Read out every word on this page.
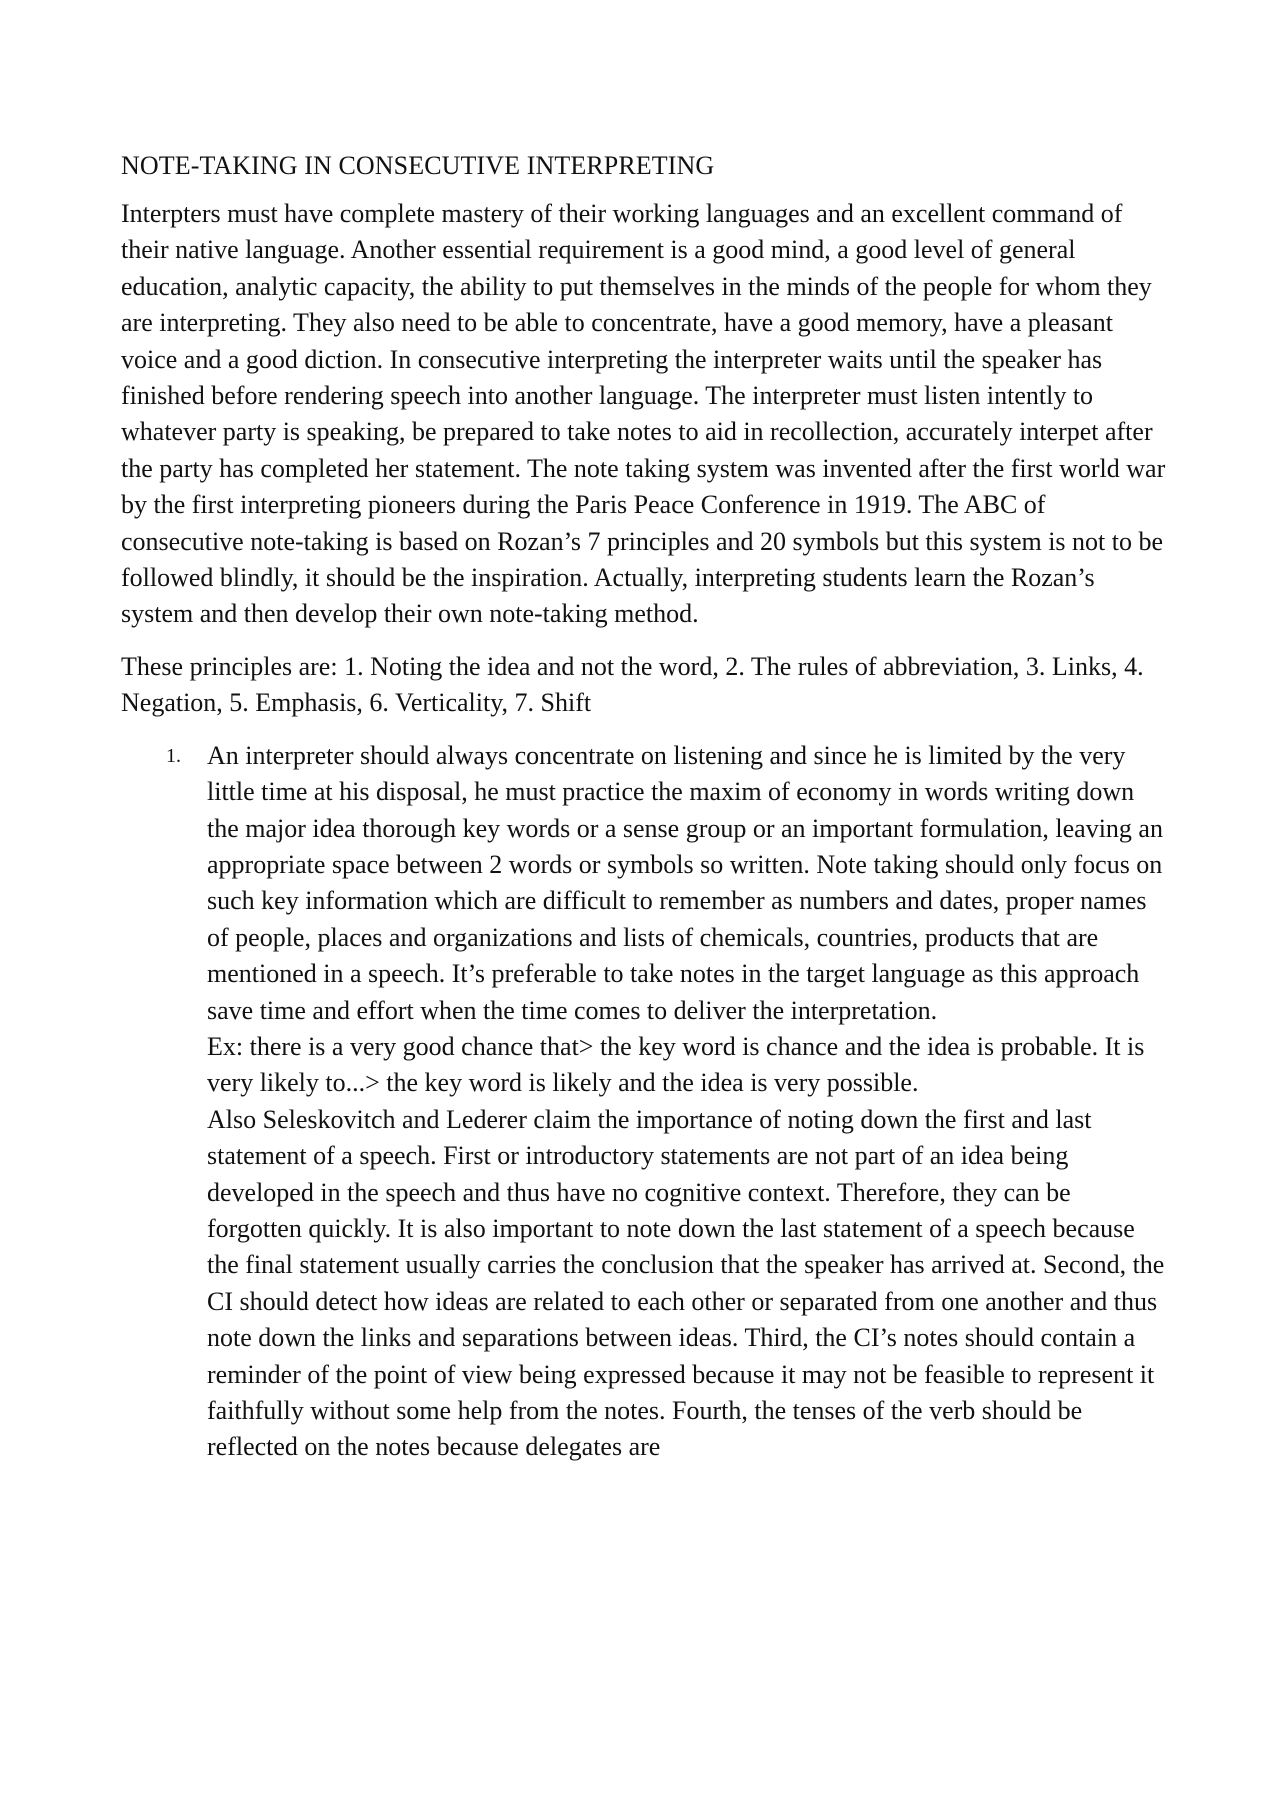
NOTE-TAKING IN CONSECUTIVE INTERPRETING

Interpters must have complete mastery of their working languages and an excellent command of their native language. Another essential requirement is a good mind, a good level of general education, analytic capacity, the ability to put themselves in the minds of the people for whom they are interpreting. They also need to be able to concentrate, have a good memory, have a pleasant voice and a good diction. In consecutive interpreting the interpreter waits until the speaker has finished before rendering speech into another language. The interpreter must listen intently to whatever party is speaking, be prepared to take notes to aid in recollection, accurately interpet after the party has completed her statement. The note taking system was invented after the first world war by the first interpreting pioneers during the Paris Peace Conference in 1919. The ABC of consecutive note-taking is based on Rozan’s 7 principles and 20 symbols but this system is not to be followed blindly, it should be the inspiration. Actually, interpreting students learn the Rozan’s system and then develop their own note-taking method.

These principles are: 1. Noting the idea and not the word, 2. The rules of abbreviation, 3. Links, 4. Negation, 5. Emphasis, 6. Verticality, 7. Shift

1. An interpreter should always concentrate on listening and since he is limited by the very little time at his disposal, he must practice the maxim of economy in words writing down the major idea thorough key words or a sense group or an important formulation, leaving an appropriate space between 2 words or symbols so written. Note taking should only focus on such key information which are difficult to remember as numbers and dates, proper names of people, places and organizations and lists of chemicals, countries, products that are mentioned in a speech. It’s preferable to take notes in the target language as this approach save time and effort when the time comes to deliver the interpretation.
Ex: there is a very good chance that> the key word is chance and the idea is probable. It is very likely to...> the key word is likely and the idea is very possible.
Also Seleskovitch and Lederer claim the importance of noting down the first and last statement of a speech. First or introductory statements are not part of an idea being developed in the speech and thus have no cognitive context. Therefore, they can be forgotten quickly. It is also important to note down the last statement of a speech because the final statement usually carries the conclusion that the speaker has arrived at. Second, the CI should detect how ideas are related to each other or separated from one another and thus note down the links and separations between ideas. Third, the CI’s notes should contain a reminder of the point of view being expressed because it may not be feasible to represent it faithfully without some help from the notes. Fourth, the tenses of the verb should be reflected on the notes because delegates are
